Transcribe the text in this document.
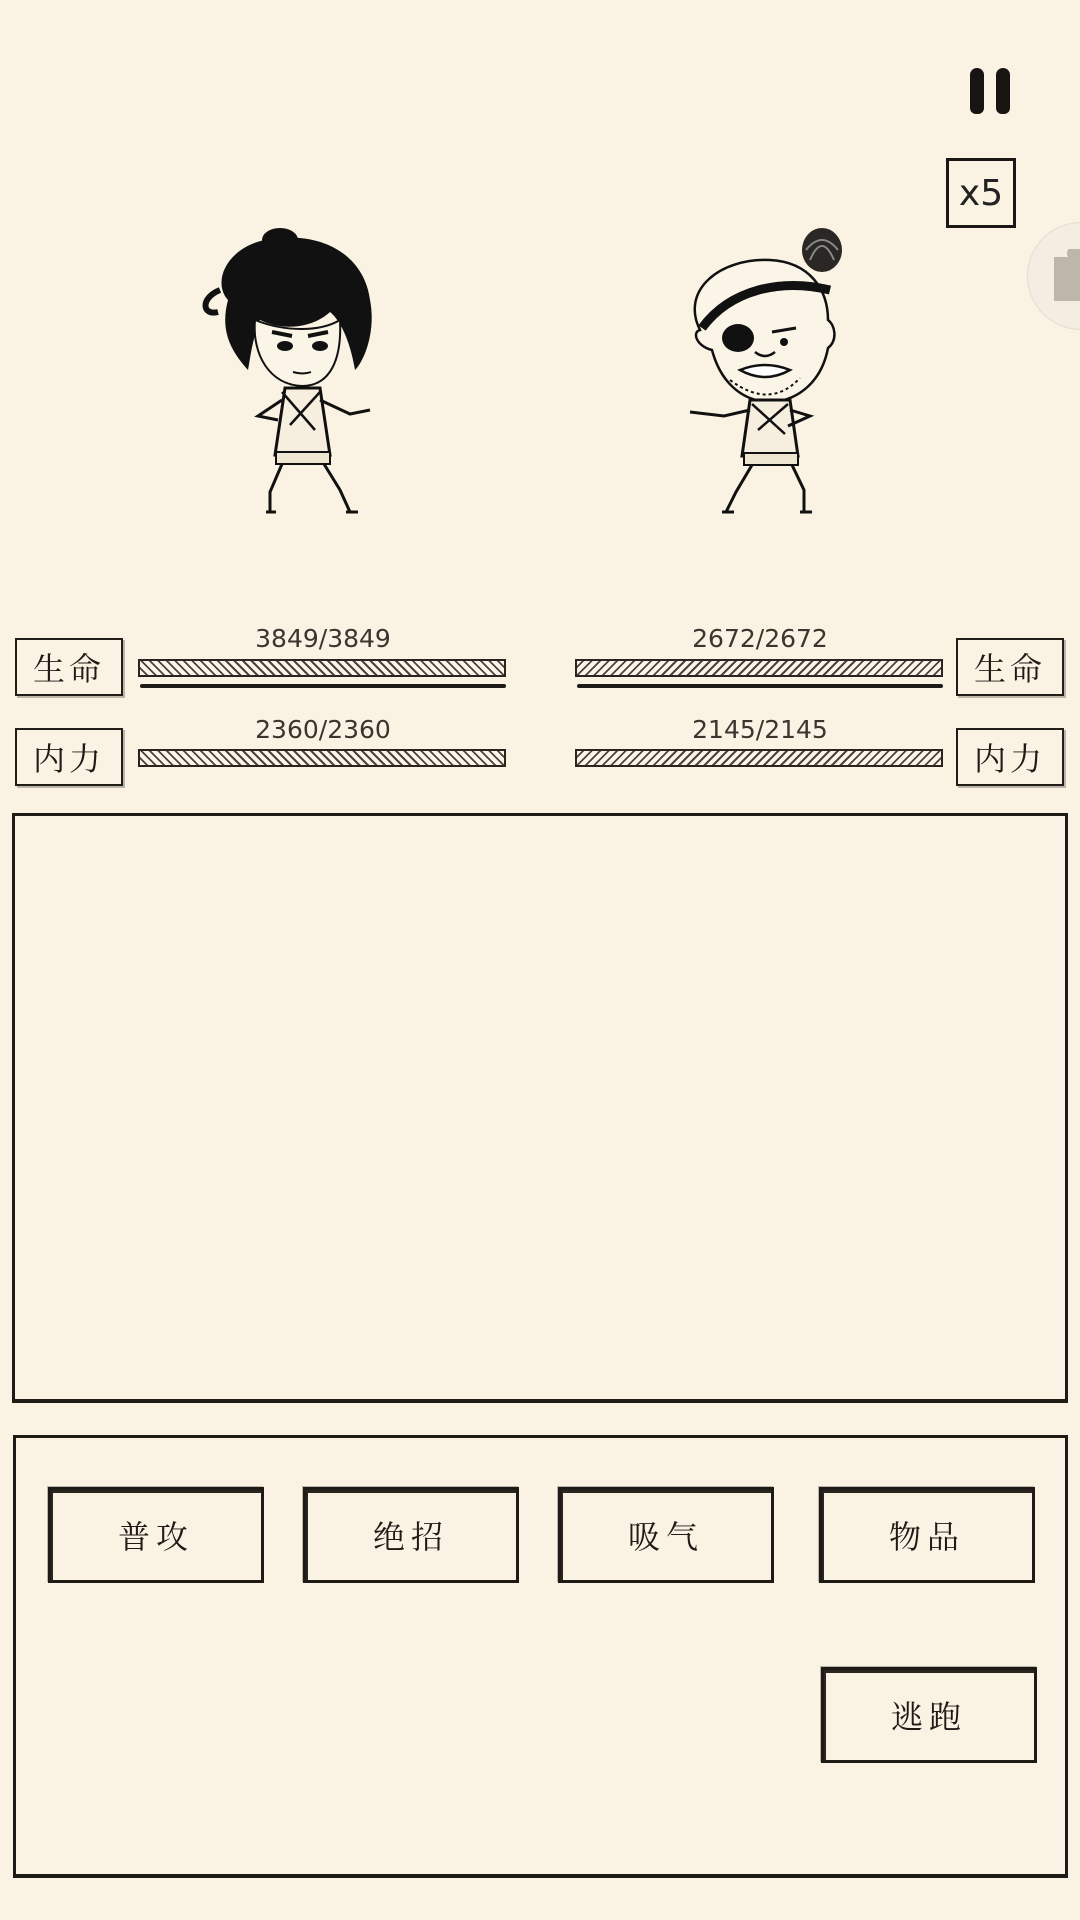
x5
生命
3849/3849
内力
2360/2360
生命
2672/2672
内力
2145/2145
普攻	绝招	吸气	物品
逃跑
